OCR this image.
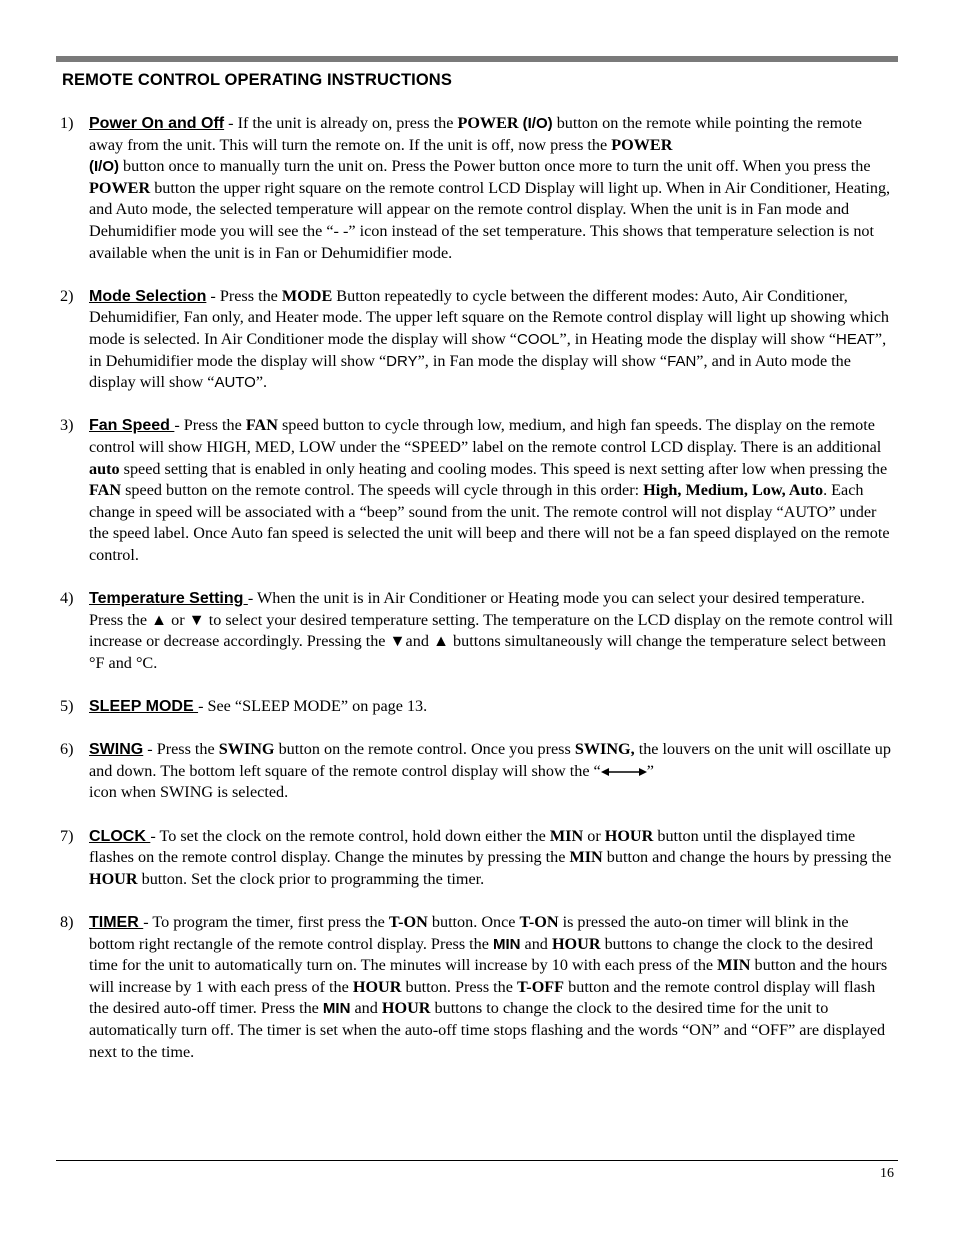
REMOTE CONTROL OPERATING INSTRUCTIONS
1) Power On and Off - If the unit is already on, press the POWER (I/O) button on the remote while pointing the remote away from the unit. This will turn the remote on. If the unit is off, now press the POWER
(I/O) button once to manually turn the unit on. Press the Power button once more to turn the unit off. When you press the POWER button the upper right square on the remote control LCD Display will light up. When in Air Conditioner, Heating, and Auto mode, the selected temperature will appear on the remote control display. When the unit is in Fan mode and Dehumidifier mode you will see the “- -” icon instead of the set temperature. This shows that temperature selection is not available when the unit is in Fan or Dehumidifier mode.
2) Mode Selection - Press the MODE Button repeatedly to cycle between the different modes: Auto, Air Conditioner, Dehumidifier, Fan only, and Heater mode. The upper left square on the Remote control display will light up showing which mode is selected. In Air Conditioner mode the display will show “COOL”, in Heating mode the display will show “HEAT”, in Dehumidifier mode the display will show “DRY”, in Fan mode the display will show “FAN”, and in Auto mode the display will show “AUTO”.
3) Fan Speed - Press the FAN speed button to cycle through low, medium, and high fan speeds. The display on the remote control will show HIGH, MED, LOW under the “SPEED” label on the remote control LCD display. There is an additional auto speed setting that is enabled in only heating and cooling modes. This speed is next setting after low when pressing the FAN speed button on the remote control. The speeds will cycle through in this order: High, Medium, Low, Auto. Each change in speed will be associated with a “beep” sound from the unit. The remote control will not display “AUTO” under the speed label. Once Auto fan speed is selected the unit will beep and there will not be a fan speed displayed on the remote control.
4) Temperature Setting - When the unit is in Air Conditioner or Heating mode you can select your desired temperature. Press the ▲ or ▼ to select your desired temperature setting. The temperature on the LCD display on the remote control will increase or decrease accordingly. Pressing the ▼and ▲ buttons simultaneously will change the temperature select between °F and °C.
5) SLEEP MODE - See “SLEEP MODE” on page 13.
6) SWING - Press the SWING button on the remote control. Once you press SWING, the louvers on the unit will oscillate up and down. The bottom left square of the remote control display will show the “	”
icon when SWING is selected.
7) CLOCK - To set the clock on the remote control, hold down either the MIN or HOUR button until the displayed time flashes on the remote control display. Change the minutes by pressing the MIN button and change the hours by pressing the HOUR button. Set the clock prior to programming the timer.
8) TIMER - To program the timer, first press the T-ON button. Once T-ON is pressed the auto-on timer will blink in the bottom right rectangle of the remote control display. Press the MIN and HOUR buttons to change the clock to the desired time for the unit to automatically turn on. The minutes will increase by 10 with each press of the MIN button and the hours will increase by 1 with each press of the HOUR button. Press the T-OFF button and the remote control display will flash the desired auto-off timer. Press the MIN and HOUR buttons to change the clock to the desired time for the unit to automatically turn off. The timer is set when the auto-off time stops flashing and the words “ON” and “OFF” are displayed next to the time.
16
